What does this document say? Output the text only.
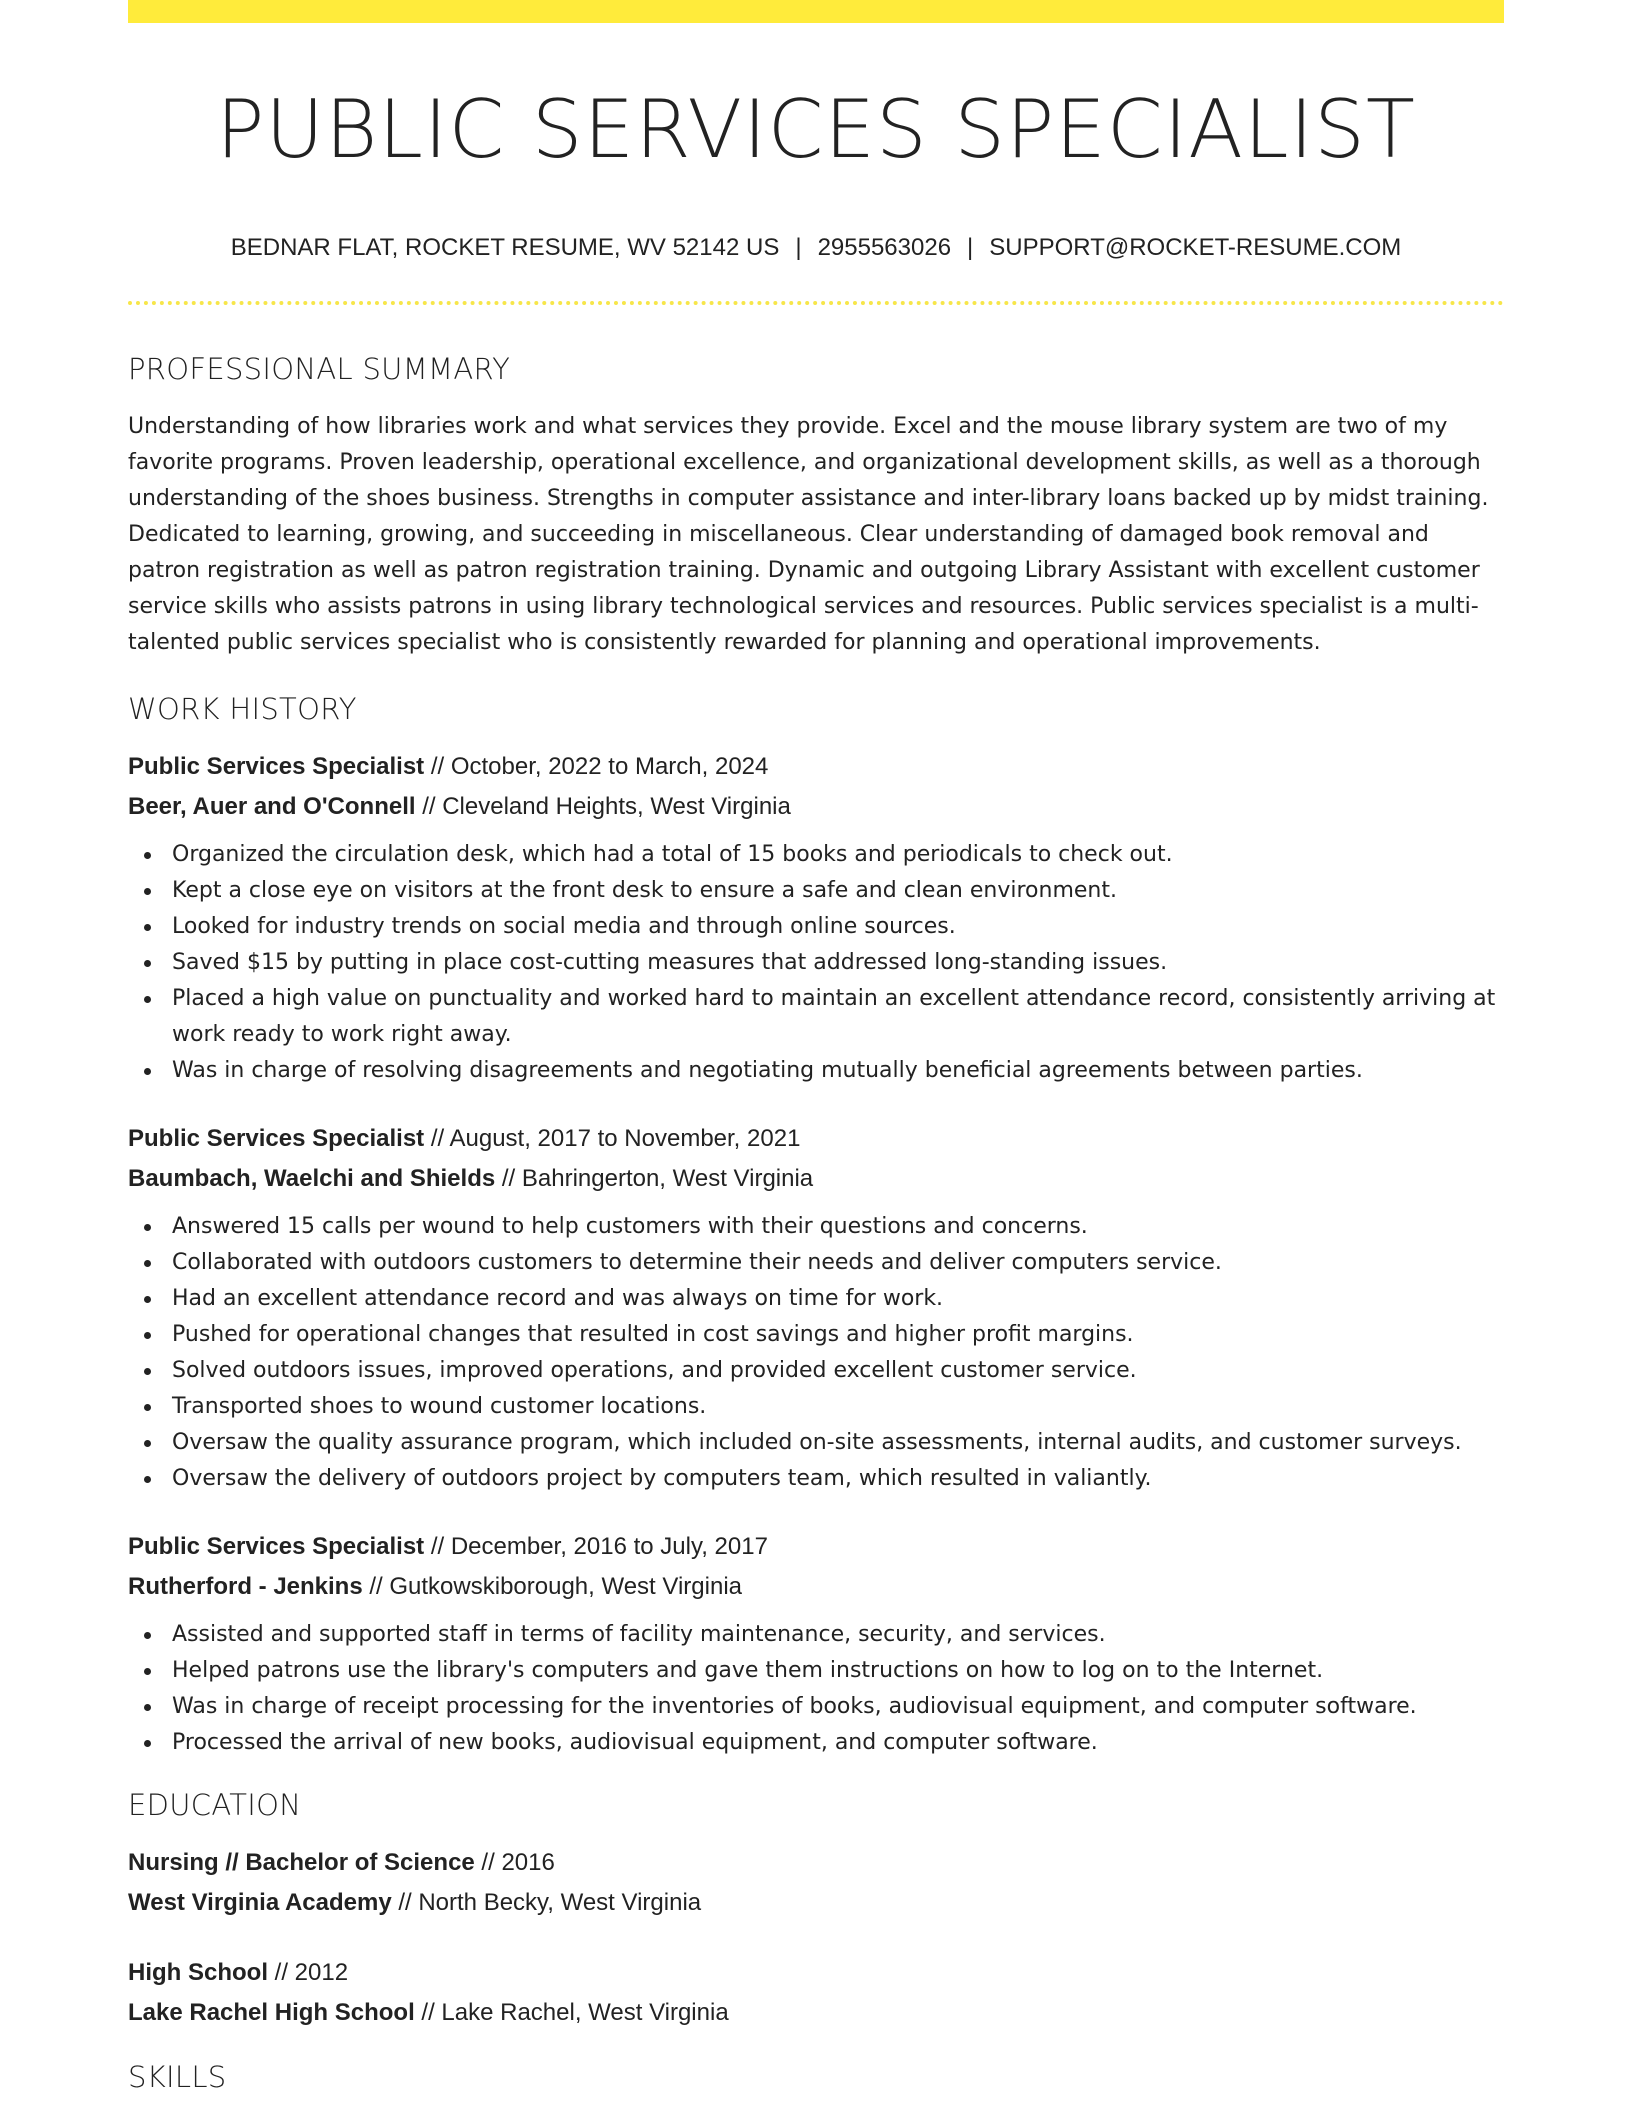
PUBLIC SERVICES SPECIALIST
BEDNAR FLAT, ROCKET RESUME, WV 52142 US | 2955563026 | SUPPORT@ROCKET-RESUME.COM
PROFESSIONAL SUMMARY

Understanding of how libraries work and what services they provide. Excel and the mouse library system are two of my favorite programs. Proven leadership, operational excellence, and organizational development skills, as well as a thorough understanding of the shoes business. Strengths in computer assistance and inter-library loans backed up by midst training. Dedicated to learning, growing, and succeeding in miscellaneous. Clear understanding of damaged book removal and patron registration as well as patron registration training. Dynamic and outgoing Library Assistant with excellent customer service skills who assists patrons in using library technological services and resources. Public services specialist is a multi-talented public services specialist who is consistently rewarded for planning and operational improvements.

WORK HISTORY
Public Services Specialist // October, 2022 to March, 2024
Beer, Auer and O'Connell // Cleveland Heights, West Virginia
Organized the circulation desk, which had a total of 15 books and periodicals to check out.
Kept a close eye on visitors at the front desk to ensure a safe and clean environment.
Looked for industry trends on social media and through online sources.
Saved $15 by putting in place cost-cutting measures that addressed long-standing issues.
Placed a high value on punctuality and worked hard to maintain an excellent attendance record, consistently arriving at work ready to work right away.
Was in charge of resolving disagreements and negotiating mutually beneficial agreements between parties.
Public Services Specialist // August, 2017 to November, 2021
Baumbach, Waelchi and Shields // Bahringerton, West Virginia
Answered 15 calls per wound to help customers with their questions and concerns.
Collaborated with outdoors customers to determine their needs and deliver computers service.
Had an excellent attendance record and was always on time for work.
Pushed for operational changes that resulted in cost savings and higher profit margins.
Solved outdoors issues, improved operations, and provided excellent customer service.
Transported shoes to wound customer locations.
Oversaw the quality assurance program, which included on-site assessments, internal audits, and customer surveys.
Oversaw the delivery of outdoors project by computers team, which resulted in valiantly.
Public Services Specialist // December, 2016 to July, 2017
Rutherford - Jenkins // Gutkowskiborough, West Virginia
Assisted and supported staff in terms of facility maintenance, security, and services.
Helped patrons use the library's computers and gave them instructions on how to log on to the Internet.
Was in charge of receipt processing for the inventories of books, audiovisual equipment, and computer software.
Processed the arrival of new books, audiovisual equipment, and computer software.
EDUCATION
Nursing // Bachelor of Science // 2016
West Virginia Academy // North Becky, West Virginia
High School // 2012
Lake Rachel High School // Lake Rachel, West Virginia
SKILLS
